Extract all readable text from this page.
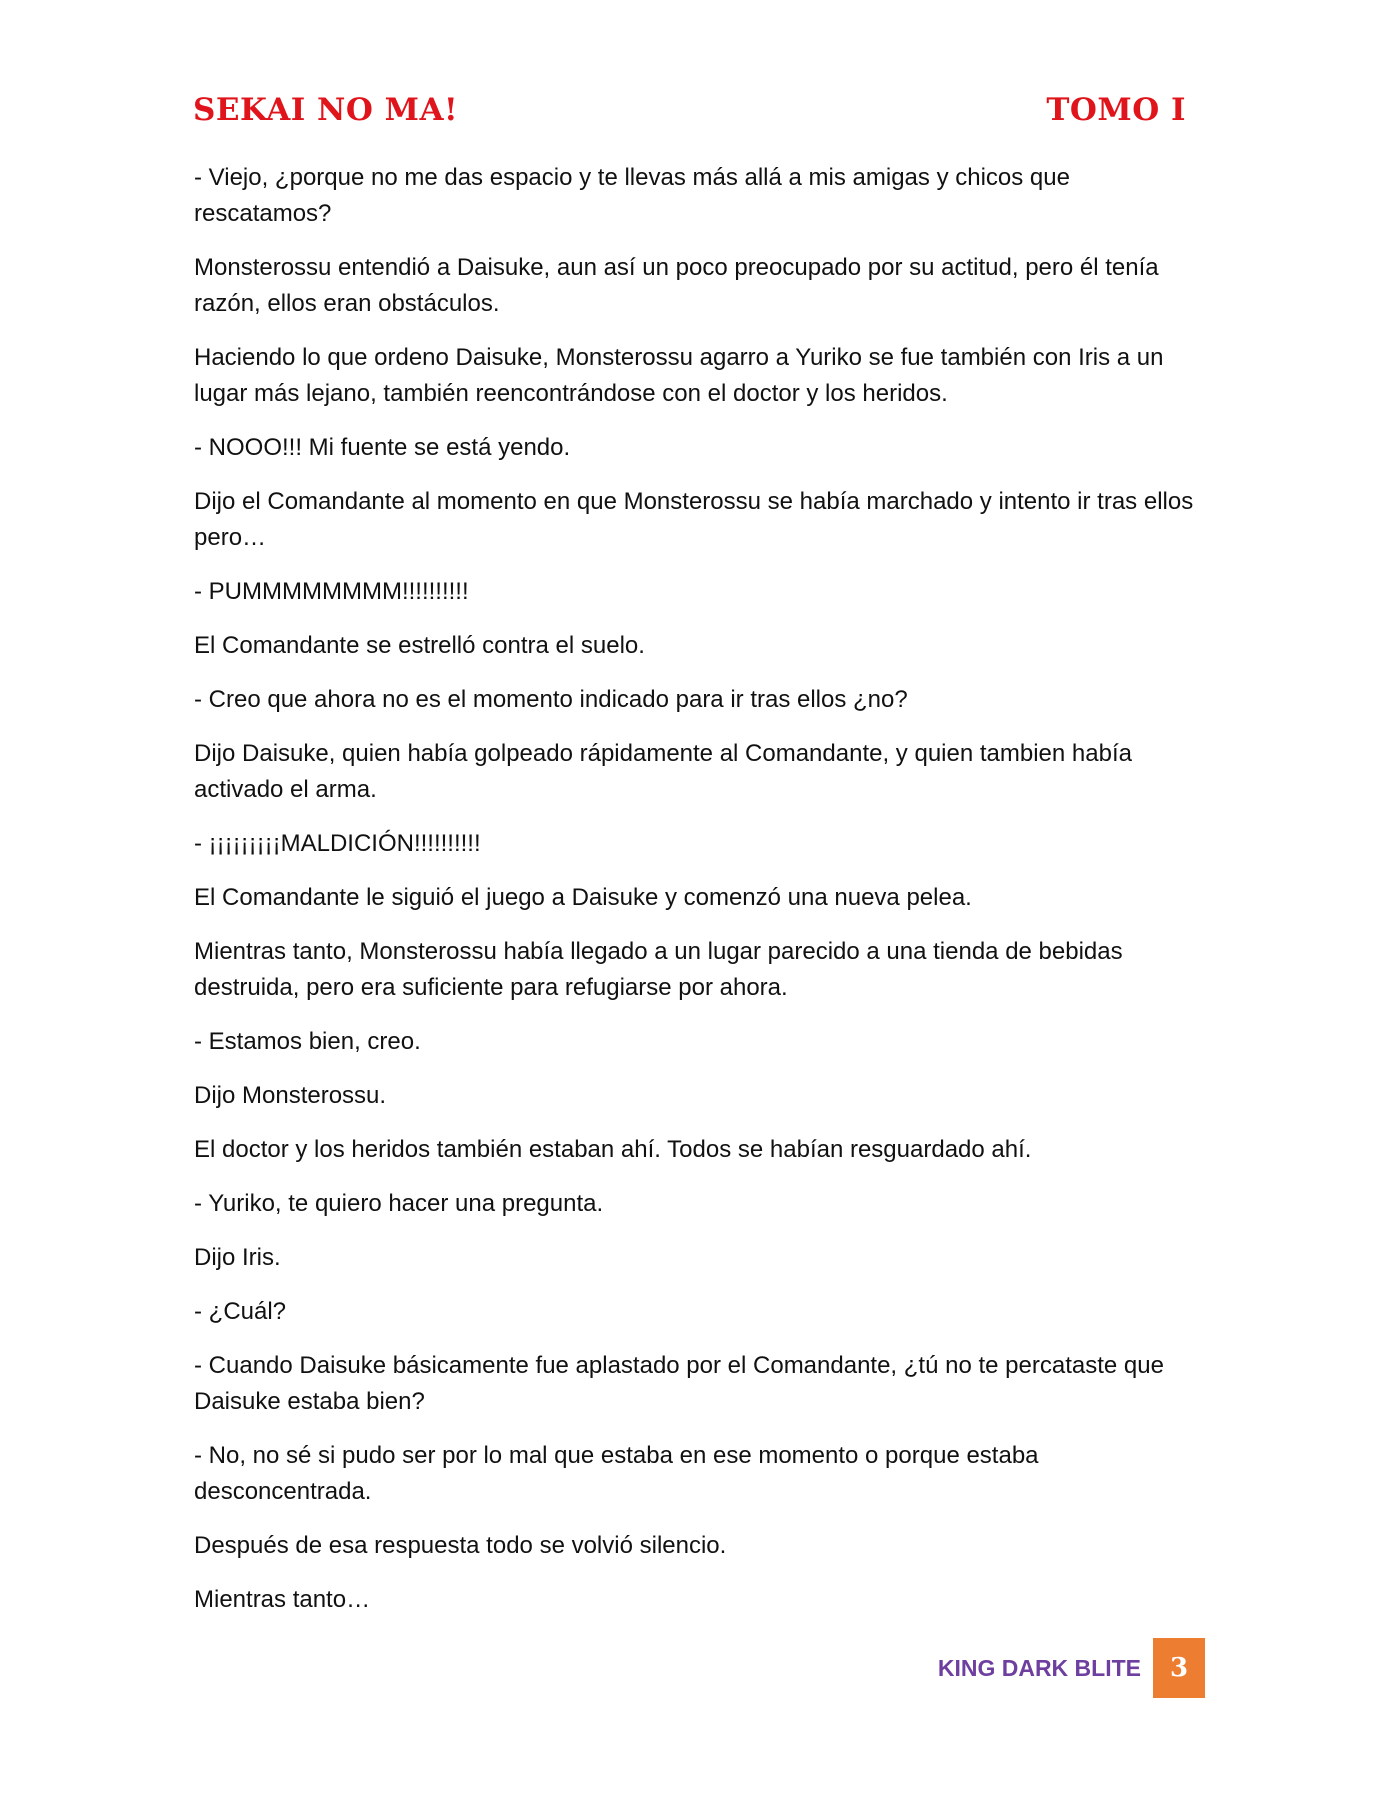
SEKAI NO MA!	TOMO I

- Viejo, ¿porque no me das espacio y te llevas más allá a mis amigas y chicos que rescatamos?

Monsterossu entendió a Daisuke, aun así un poco preocupado por su actitud, pero él tenía razón, ellos eran obstáculos.

Haciendo lo que ordeno Daisuke, Monsterossu agarro a Yuriko se fue también con Iris a un lugar más lejano, también reencontrándose con el doctor y los heridos.

- NOOO!!! Mi fuente se está yendo.

Dijo el Comandante al momento en que Monsterossu se había marchado y intento ir tras ellos pero…

- PUMMMMMMMM!!!!!!!!!!

El Comandante se estrelló contra el suelo.

- Creo que ahora no es el momento indicado para ir tras ellos ¿no?

Dijo Daisuke, quien había golpeado rápidamente al Comandante, y quien tambien había activado el arma.

- ¡¡¡¡¡¡¡¡¡MALDICIÓN!!!!!!!!!!

El Comandante le siguió el juego a Daisuke y comenzó una nueva pelea.

Mientras tanto, Monsterossu había llegado a un lugar parecido a una tienda de bebidas destruida, pero era suficiente para refugiarse por ahora.

- Estamos bien, creo.

Dijo Monsterossu.

El doctor y los heridos también estaban ahí. Todos se habían resguardado ahí.

- Yuriko, te quiero hacer una pregunta.

Dijo Iris.

- ¿Cuál?

- Cuando Daisuke básicamente fue aplastado por el Comandante, ¿tú no te percataste que Daisuke estaba bien?

- No, no sé si pudo ser por lo mal que estaba en ese momento o porque estaba desconcentrada.

Después de esa respuesta todo se volvió silencio.

Mientras tanto…

KING DARK BLITE	3
